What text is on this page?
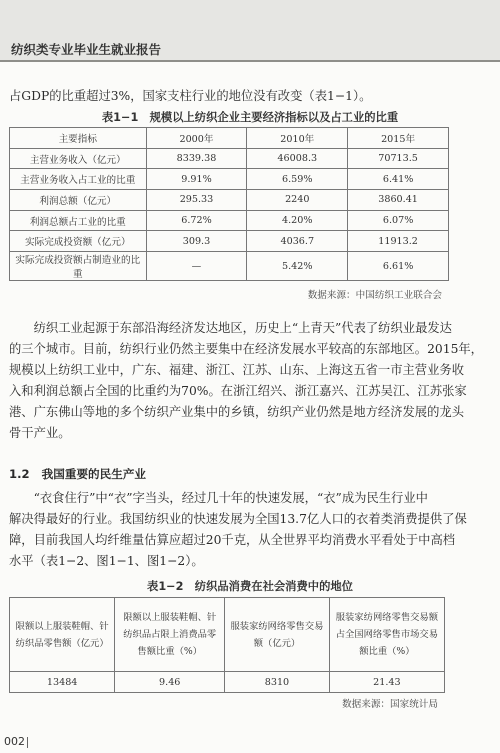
纺织类专业毕业生就业报告

占GDP的比重超过3%，国家支柱行业的地位没有改变（表1−1）。

表1−1　规模以上纺织企业主要经济指标以及占工业的比重
主要指标	2000年	2010年	2015年
主营业务收入（亿元）	8339.38	46008.3	70713.5
主营业务收入占工业的比重	9.91%	6.59%	6.41%
利润总额（亿元）	295.33	2240	3860.41
利润总额占工业的比重	6.72%	4.20%	6.07%
实际完成投资额（亿元）	309.3	4036.7	11913.2
实际完成投资额占制造业的比重	—	5.42%	6.61%
数据来源：中国纺织工业联合会

　　纺织工业起源于东部沿海经济发达地区，历史上“上青天”代表了纺织业最发达
的三个城市。目前，纺织行业仍然主要集中在经济发展水平较高的东部地区。2015年，
规模以上纺织工业中，广东、福建、浙江、江苏、山东、上海这五省一市主营业务收
入和利润总额占全国的比重约为70%。在浙江绍兴、浙江嘉兴、江苏吴江、江苏张家
港、广东佛山等地的多个纺织产业集中的乡镇，纺织产业仍然是地方经济发展的龙头
骨干产业。

1.2 我国重要的民生产业

　　“衣食住行”中“衣”字当头，经过几十年的快速发展，“衣”成为民生行业中
解决得最好的行业。我国纺织业的快速发展为全国13.7亿人口的衣着类消费提供了保
障，目前我国人均纤维量估算应超过20千克，从全世界平均消费水平看处于中高档
水平（表1−2、图1−1、图1−2）。

表1−2　纺织品消费在社会消费中的地位
限额以上服装鞋帽、针纺织品零售额（亿元）	限额以上服装鞋帽、针纺织品占限上消费品零售额比重（%）	服装家纺网络零售交易额（亿元）	服装家纺网络零售交易额占全国网络零售市场交易额比重（%）
13484	9.46	8310	21.43
数据来源：国家统计局
002
